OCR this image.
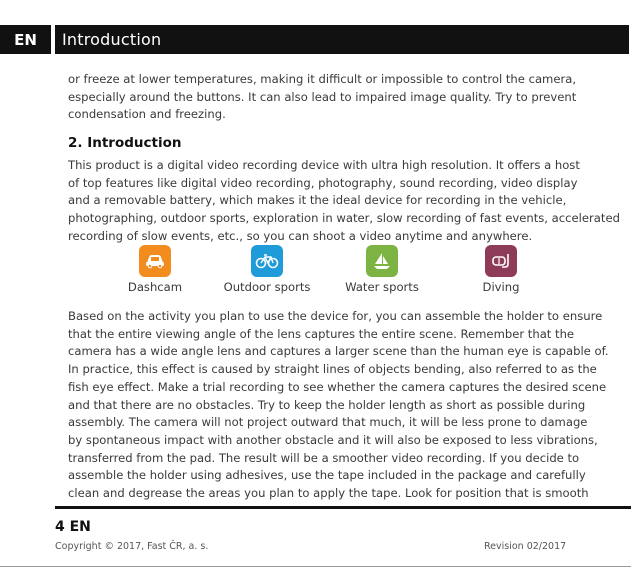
EN	Introduction

or freeze at lower temperatures, making it difficult or impossible to control the camera,

especially around the buttons. It can also lead to impaired image quality. Try to prevent

condensation and freezing.

2. Introduction

This product is a digital video recording device with ultra high resolution. It offers a host

of top features like digital video recording, photography, sound recording, video display

and a removable battery, which makes it the ideal device for recording in the vehicle,

photographing, outdoor sports, exploration in water, slow recording of fast events, accelerated

recording of slow events, etc., so you can shoot a video anytime and anywhere.

Dashcam	Outdoor sports	Water sports	Diving

Based on the activity you plan to use the device for, you can assemble the holder to ensure

that the entire viewing angle of the lens captures the entire scene. Remember that the

camera has a wide angle lens and captures a larger scene than the human eye is capable of.

In practice, this effect is caused by straight lines of objects bending, also referred to as the

fish eye effect. Make a trial recording to see whether the camera captures the desired scene

and that there are no obstacles. Try to keep the holder length as short as possible during

assembly. The camera will not project outward that much, it will be less prone to damage

by spontaneous impact with another obstacle and it will also be exposed to less vibrations,

transferred from the pad. The result will be a smoother video recording. If you decide to

assemble the holder using adhesives, use the tape included in the package and carefully

clean and degrease the areas you plan to apply the tape. Look for position that is smooth

4 EN
Copyright © 2017, Fast ČR, a. s.	Revision 02/2017
